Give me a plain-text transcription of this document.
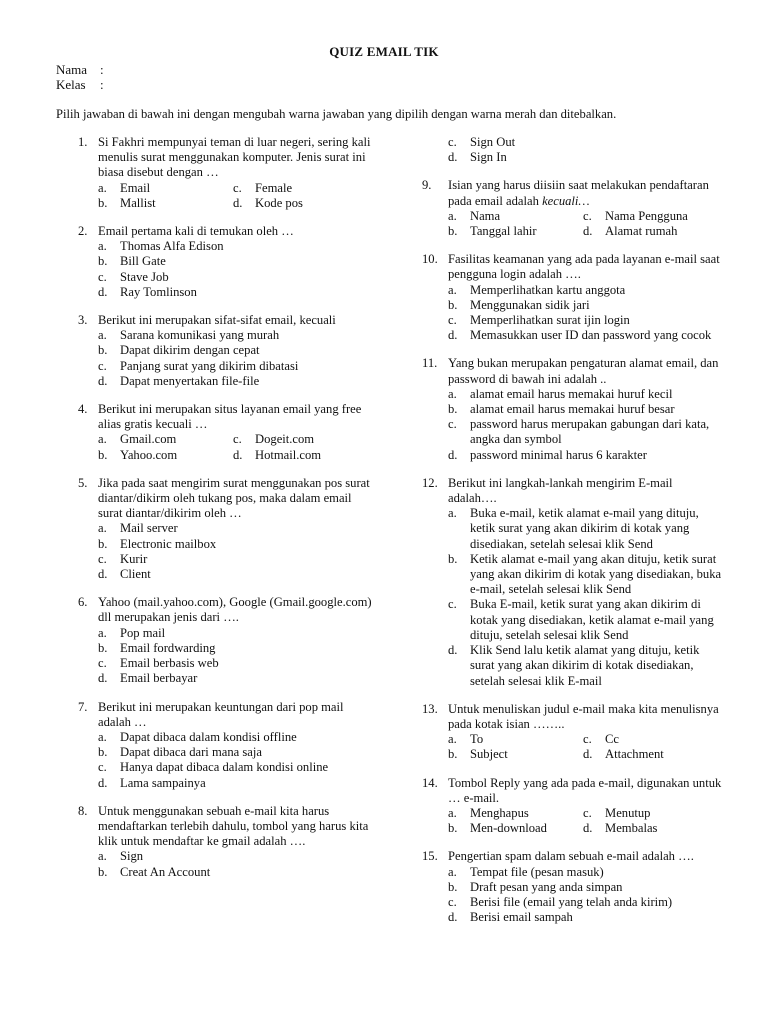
QUIZ EMAIL TIK
Nama :
Kelas :
Pilih jawaban di bawah ini dengan mengubah warna jawaban yang dipilih dengan warna merah dan ditebalkan.
1. Si Fakhri mempunyai teman di luar negeri, sering kali menulis surat menggunakan komputer. Jenis surat ini biasa disebut dengan …
a.	Email	c.	Female
b. Mallist	d. Kode pos
2. Email pertama kali di temukan oleh …
a.	Thomas Alfa Edison
b. Bill Gate
c.	Stave Job
d. Ray Tomlinson
3. Berikut ini merupakan sifat-sifat email, kecuali
a.	Sarana komunikasi yang murah
b. Dapat dikirim dengan cepat
c.	Panjang surat yang dikirim dibatasi
d. Dapat menyertakan file-file
4. Berikut ini merupakan situs layanan email yang free alias gratis kecuali …
a.	Gmail.com	c.	Dogeit.com
b. Yahoo.com	d. Hotmail.com
5. Jika pada saat mengirim surat menggunakan pos surat diantar/dikirm oleh tukang pos, maka dalam email surat diantar/dikirim oleh …
a.	Mail server
b. Electronic mailbox
c.	Kurir
d. Client
6. Yahoo (mail.yahoo.com), Google (Gmail.google.com) dll merupakan jenis dari ….
a.	Pop mail
b. Email fordwarding
c.	Email berbasis web
d. Email berbayar
7. Berikut ini merupakan keuntungan dari pop mail adalah …
a.	Dapat dibaca dalam kondisi offline
b. Dapat dibaca dari mana saja
c.	Hanya dapat dibaca dalam kondisi online
d. Lama sampainya
8. Untuk menggunakan sebuah e-mail kita harus mendaftarkan terlebih dahulu, tombol yang harus kita klik untuk mendaftar ke gmail adalah ….
a.	Sign
b. Creat An Account
c.	Sign Out
d. Sign In
9.	Isian yang harus diisiin saat melakukan pendaftaran pada email adalah kecuali…
a.	Nama	c.	Nama Pengguna
b. Tanggal lahir	d. Alamat rumah
10. Fasilitas keamanan yang ada pada layanan e-mail saat pengguna login adalah ….
a.	Memperlihatkan kartu anggota
b. Menggunakan sidik jari
c.	Memperlihatkan surat ijin login
d. Memasukkan user ID dan password yang cocok
11. Yang bukan merupakan pengaturan alamat email, dan password di bawah ini adalah ..
a.	alamat email harus memakai huruf kecil
b. alamat email harus memakai huruf besar
c.	password harus merupakan gabungan dari kata, angka dan symbol
d. password minimal harus 6 karakter
12. Berikut ini langkah-lankah mengirim E-mail adalah….
a.	Buka e-mail, ketik alamat e-mail yang dituju, ketik surat yang akan dikirim di kotak yang disediakan, setelah selesai klik Send
b. Ketik alamat e-mail yang akan dituju, ketik surat yang akan dikirim di kotak yang disediakan, buka e-mail, setelah selesai klik Send
c.	Buka E-mail, ketik surat yang akan dikirim di kotak yang disediakan, ketik alamat e-mail yang dituju, setelah selesai klik Send
d. Klik Send lalu ketik alamat yang dituju, ketik surat yang akan dikirim di kotak disediakan, setelah selesai klik E-mail
13. Untuk menuliskan judul e-mail maka kita menulisnya pada kotak isian ……..
a.	To	c.	Cc
b. Subject	d. Attachment
14. Tombol Reply yang ada pada e-mail, digunakan untuk … e-mail.
a.	Menghapus	c.	Menutup
b. Men-download	d. Membalas
15. Pengertian spam dalam sebuah e-mail adalah ….
a.	Tempat file (pesan masuk)
b. Draft pesan yang anda simpan
c.	Berisi file (email yang telah anda kirim)
d. Berisi email sampah
